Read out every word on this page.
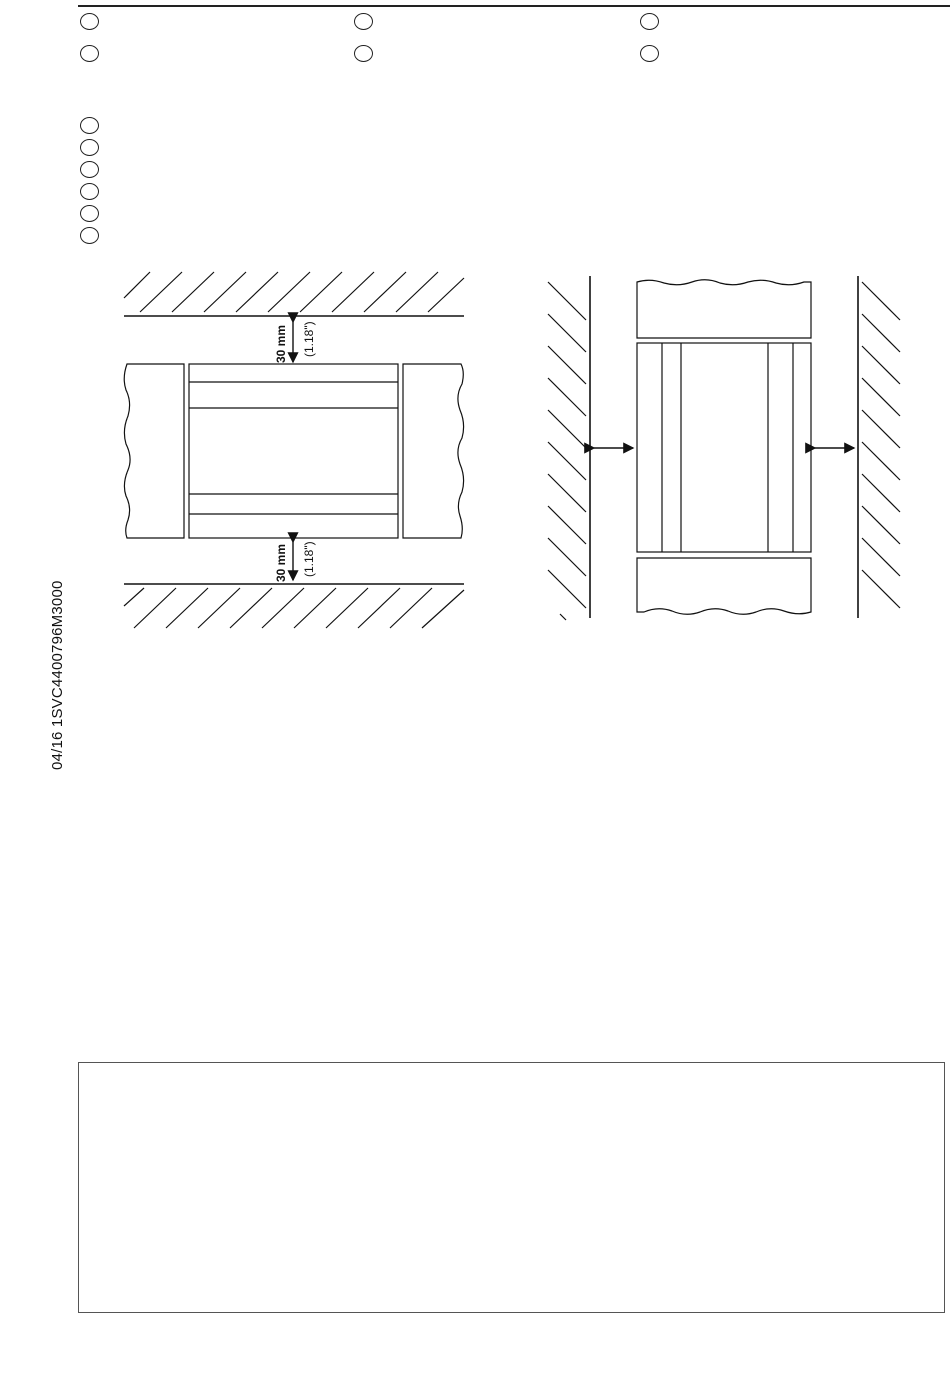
04/16 1SVC4400796M3000
30 mm (1.18")
30 mm (1.18")
